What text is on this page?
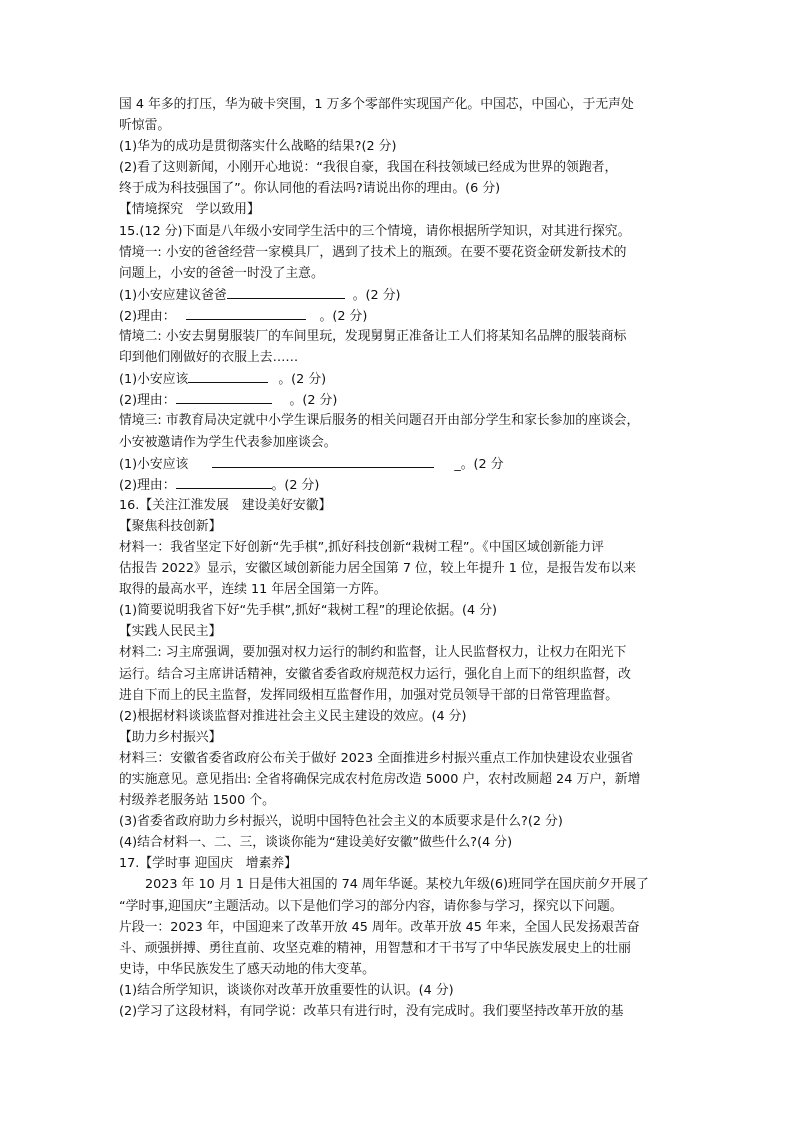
国 4 年多的打压，华为破卡突围，1 万多个零部件实现国产化。中国芯，中国心，于无声处
听惊雷。
(1)华为的成功是贯彻落实什么战略的结果?(2 分)
(2)看了这则新闻，小刚开心地说：“我很自豪，我国在科技领域已经成为世界的领跑者，
终于成为科技强国了”。你认同他的看法吗?请说出你的理由。(6 分)
【情境探究　学以致用】
15.(12 分)下面是八年级小安同学生活中的三个情境，请你根据所学知识，对其进行探究。
情境一: 小安的爸爸经营一家模具厂，遇到了技术上的瓶颈。在要不要花资金研发新技术的
问题上，小安的爸爸一时没了主意。
(1)小安应建议爸爸	。(2 分)
(2)理由：	。(2 分)
情境二: 小安去舅舅服装厂的车间里玩，发现舅舅正准备让工人们将某知名品牌的服装商标
印到他们刚做好的衣服上去……
(1)小安应该	。(2 分)
(2)理由：	。(2 分)
情境三: 市教育局决定就中小学生课后服务的相关问题召开由部分学生和家长参加的座谈会，
小安被邀请作为学生代表参加座谈会。
(1)小安应该	_。(2 分
(2)理由：	。(2 分)
16.【关注江淮发展　建设美好安徽】
【聚焦科技创新】
材料一：我省坚定下好创新“先手棋”,抓好科技创新“栽树工程”。《中国区域创新能力评
估报告 2022》显示，安徽区域创新能力居全国第 7 位，较上年提升 1 位，是报告发布以来
取得的最高水平，连续 11 年居全国第一方阵。
(1)简要说明我省下好“先手棋”,抓好“栽树工程”的理论依据。(4 分)
【实践人民民主】
材料二: 习主席强调，要加强对权力运行的制约和监督，让人民监督权力，让权力在阳光下
运行。结合习主席讲话精神，安徽省委省政府规范权力运行，强化自上而下的组织监督，改
进自下而上的民主监督，发挥同级相互监督作用，加强对党员领导干部的日常管理监督。
(2)根据材料谈谈监督对推进社会主义民主建设的效应。(4 分)
【助力乡村振兴】
材料三：安徽省委省政府公布关于做好 2023 全面推进乡村振兴重点工作加快建设农业强省
的实施意见。意见指出: 全省将确保完成农村危房改造 5000 户，农村改厕超 24 万户，新增
村级养老服务站 1500 个。
(3)省委省政府助力乡村振兴，说明中国特色社会主义的本质要求是什么?(2 分)
(4)结合材料一、二、三，谈谈你能为“建设美好安徽”做些什么?(4 分)
17.【学时事 迎国庆　增素养】
2023 年 10 月 1 日是伟大祖国的 74 周年华诞。某校九年级(6)班同学在国庆前夕开展了
“学时事,迎国庆”主题活动。以下是他们学习的部分内容，请你参与学习，探究以下问题。
片段一：2023 年，中国迎来了改革开放 45 周年。改革开放 45 年来，全国人民发扬艰苦奋
斗、顽强拼搏、勇往直前、攻坚克难的精神，用智慧和才干书写了中华民族发展史上的壮丽
史诗，中华民族发生了感天动地的伟大变革。
(1)结合所学知识，谈谈你对改革开放重要性的认识。(4 分)
(2)学习了这段材料，有同学说：改革只有进行时，没有完成时。我们要坚持改革开放的基
